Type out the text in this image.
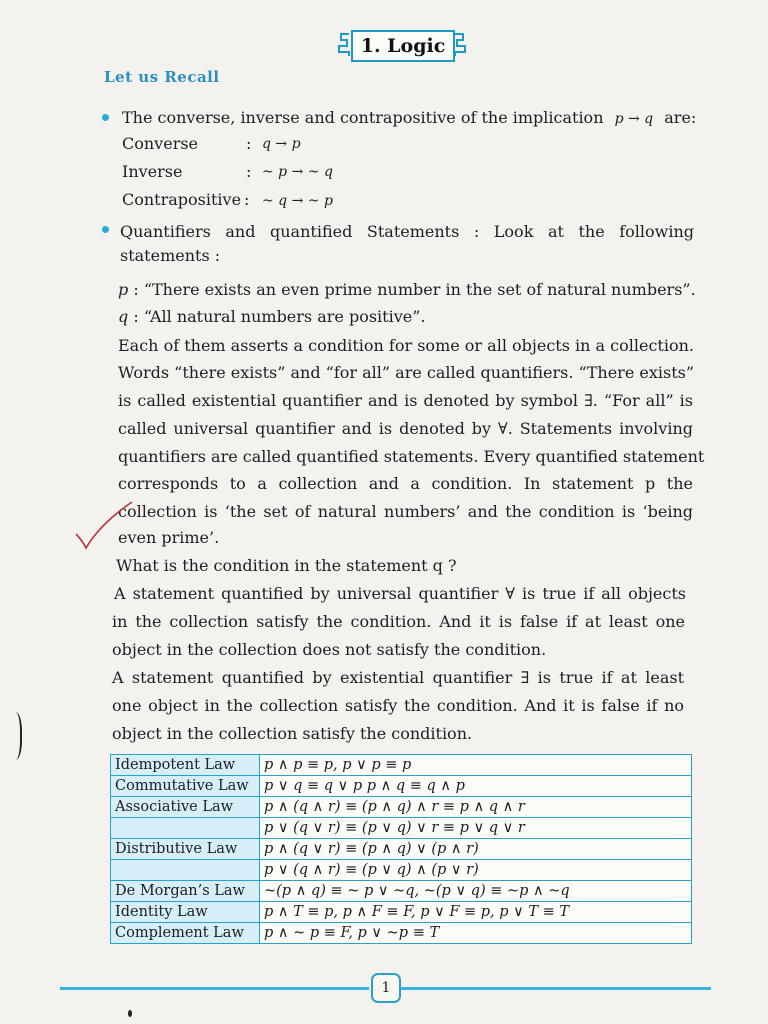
1. Logic
Let us Recall
The converse, inverse and contrapositive of the implication p → q are:
Converse	: q → p
Inverse	: ~ p → ~ q
Contrapositive : ~ q → ~ p
Quantifiers and quantified Statements : Look at the following
statements :
p : “There exists an even prime number in the set of natural numbers”.
q : “All natural numbers are positive”.
Each of them asserts a condition for some or all objects in a collection.
Words “there exists” and “for all” are called quantifiers. “There exists”
is called existential quantifier and is denoted by symbol ∃. “For all” is
called universal quantifier and is denoted by ∀. Statements involving
quantifiers are called quantified statements. Every quantified statement
corresponds to a collection and a condition. In statement p the
collection is ‘the set of natural numbers’ and the condition is ‘being
even prime’.
What is the condition in the statement q ?
A statement quantified by universal quantifier ∀ is true if all objects
in the collection satisfy the condition. And it is false if at least one
object in the collection does not satisfy the condition.
A statement quantified by existential quantifier ∃ is true if at least
one object in the collection satisfy the condition. And it is false if no
object in the collection satisfy the condition.
Idempotent Law	p ∧ p ≡ p, p ∨ p ≡ p
Commutative Law	p ∨ q ≡ q ∨ p p ∧ q ≡ q ∧ p
Associative Law	p ∧ (q ∧ r) ≡ (p ∧ q) ∧ r ≡ p ∧ q ∧ r
	p ∨ (q ∨ r) ≡ (p ∨ q) ∨ r ≡ p ∨ q ∨ r
Distributive Law	p ∧ (q ∨ r) ≡ (p ∧ q) ∨ (p ∧ r)
	p ∨ (q ∧ r) ≡ (p ∨ q) ∧ (p ∨ r)
De Morgan’s Law	~(p ∧ q) ≡ ~ p ∨ ~q, ~(p ∨ q) ≡ ~p ∧ ~q
Identity Law	p ∧ T ≡ p, p ∧ F ≡ F, p ∨ F ≡ p, p ∨ T ≡ T
Complement Law	p ∧ ~ p ≡ F, p ∨ ~p ≡ T
1
